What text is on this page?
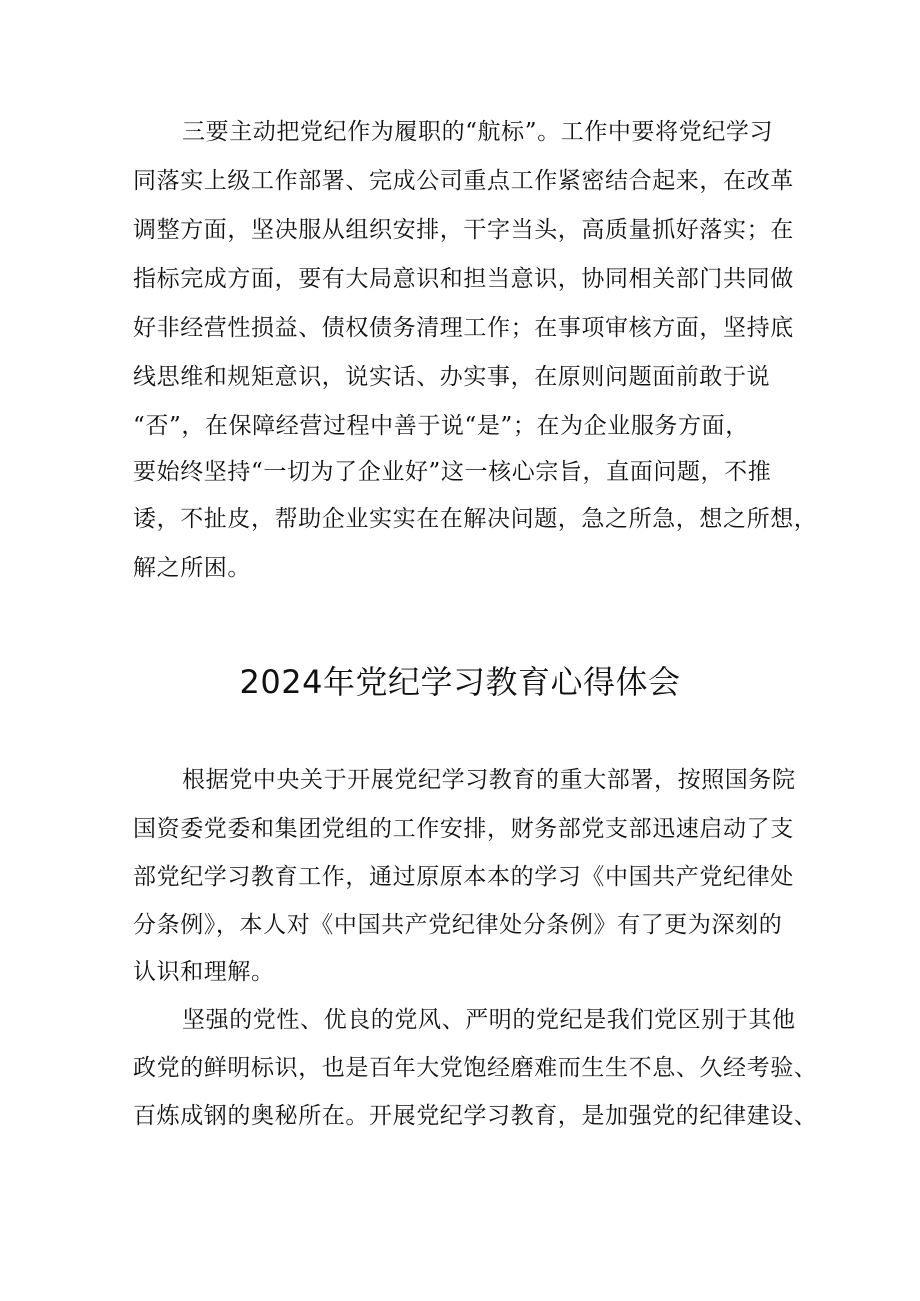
三要主动把党纪作为履职的“航标”。工作中要将党纪学习
同落实上级工作部署、完成公司重点工作紧密结合起来，在改革
调整方面，坚决服从组织安排，干字当头，高质量抓好落实；在
指标完成方面，要有大局意识和担当意识，协同相关部门共同做
好非经营性损益、债权债务清理工作；在事项审核方面，坚持底
线思维和规矩意识，说实话、办实事，在原则问题面前敢于说
“否”，在保障经营过程中善于说“是”；在为企业服务方面，
要始终坚持“一切为了企业好”这一核心宗旨，直面问题，不推
诿，不扯皮，帮助企业实实在在解决问题，急之所急，想之所想，
解之所困。
2024年党纪学习教育心得体会
根据党中央关于开展党纪学习教育的重大部署，按照国务院
国资委党委和集团党组的工作安排，财务部党支部迅速启动了支
部党纪学习教育工作，通过原原本本的学习《中国共产党纪律处
分条例》，本人对《中国共产党纪律处分条例》有了更为深刻的
认识和理解。
坚强的党性、优良的党风、严明的党纪是我们党区别于其他
政党的鲜明标识，也是百年大党饱经磨难而生生不息、久经考验、
百炼成钢的奥秘所在。开展党纪学习教育，是加强党的纪律建设、
